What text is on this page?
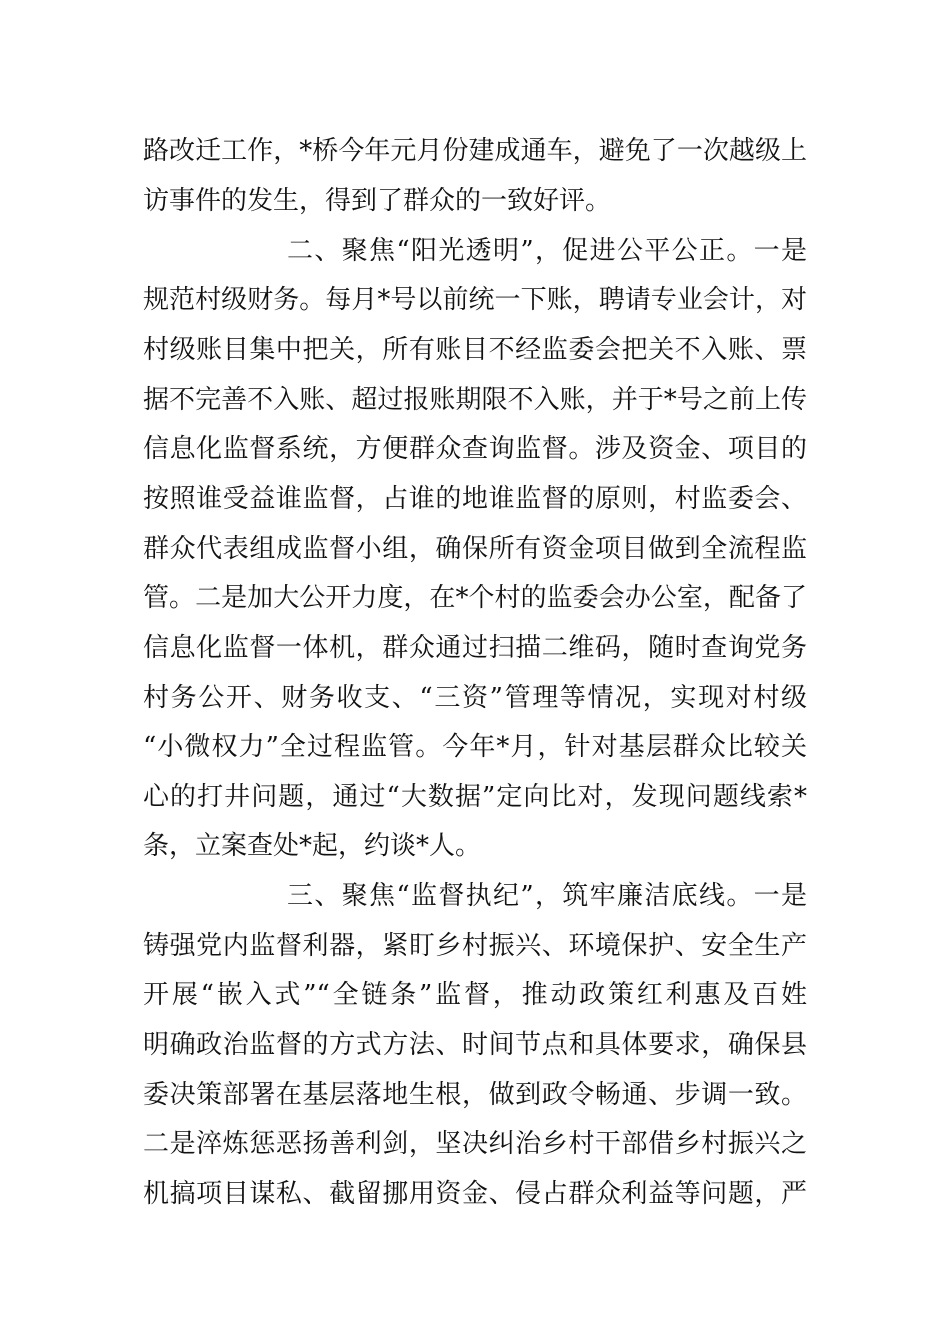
路改迁工作，*桥今年元月份建成通车，避免了一次越级上
访事件的发生，得到了群众的一致好评。
二、聚焦“阳光透明”，促进公平公正。一是
规范村级财务。每月*号以前统一下账，聘请专业会计，对
村级账目集中把关，所有账目不经监委会把关不入账、票
据不完善不入账、超过报账期限不入账，并于*号之前上传
信息化监督系统，方便群众查询监督。涉及资金、项目的
按照谁受益谁监督，占谁的地谁监督的原则，村监委会、
群众代表组成监督小组，确保所有资金项目做到全流程监
管。二是加大公开力度，在*个村的监委会办公室，配备了
信息化监督一体机，群众通过扫描二维码，随时查询党务
村务公开、财务收支、“三资”管理等情况，实现对村级
“小微权力”全过程监管。今年*月，针对基层群众比较关
心的打井问题，通过“大数据”定向比对，发现问题线索*
条，立案查处*起，约谈*人。
三、聚焦“监督执纪”，筑牢廉洁底线。一是
铸强党内监督利器，紧盯乡村振兴、环境保护、安全生产
开展“嵌入式”“全链条”监督，推动政策红利惠及百姓
明确政治监督的方式方法、时间节点和具体要求，确保县
委决策部署在基层落地生根，做到政令畅通、步调一致。
二是淬炼惩恶扬善利剑，坚决纠治乡村干部借乡村振兴之
机搞项目谋私、截留挪用资金、侵占群众利益等问题，严
